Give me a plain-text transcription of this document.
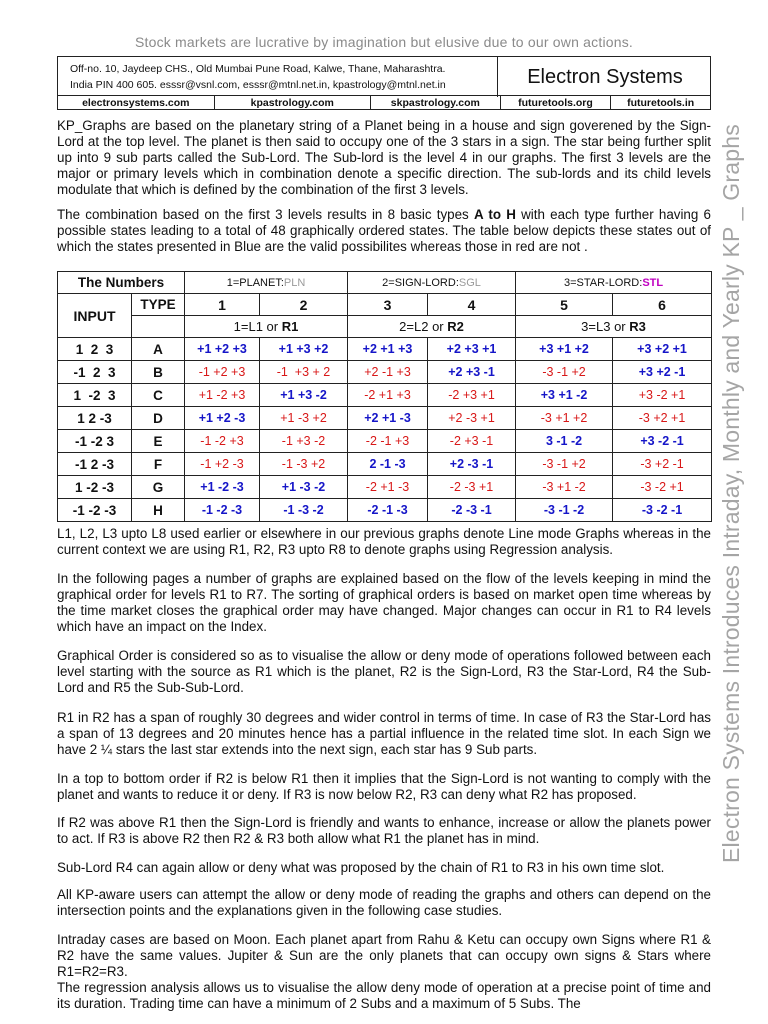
Stock markets are lucrative by imagination but elusive due to our own actions.
Off-no. 10, Jaydeep CHS., Old Mumbai Pune Road, Kalwe, Thane, Maharashtra.
India PIN 400 605. esssr@vsnl.com, esssr@mtnl.net.in, kpastrology@mtnl.net.in	Electron Systems
electronsystems.com	kpastrology.com	skpastrology.com	futuretools.org	futuretools.in
KP_Graphs are based on the planetary string of a Planet being in a house and sign goverened by the Sign-Lord at the top level. The planet is then said to occupy one of the 3 stars in a sign. The star being further split up into 9 sub parts called the Sub-Lord. The Sub-lord is the level 4 in our graphs. The first 3 levels are the major or primary levels which in combination denote a specific direction. The sub-lords and its child levels modulate that which is defined by the combination of the first 3 levels.
The combination based on the first 3 levels results in 8 basic types A to H with each type further having 6 possible states leading to a total of 48 graphically ordered states. The table below depicts these states out of which the states presented in Blue are the valid possibilites whereas those in red are not .
The Numbers		1=PLANET:PLN		2=SIGN-LORD:SGL		3=STAR-LORD:STL	
INPUT	TYPE	1	2	3	4	5	6
		1=L1 or R1		2=L2 or R2		3=L3 or R3	
1  2  3	A	+1 +2 +3	+1 +3 +2	+2 +1 +3	+2 +3 +1	+3 +1 +2	+3 +2 +1
-1  2  3	B	-1 +2 +3	-1  +3 + 2	+2 -1 +3	+2 +3 -1	-3 -1 +2	+3 +2 -1
1  -2  3	C	+1 -2 +3	+1 +3 -2	-2 +1 +3	-2 +3 +1	+3 +1 -2	+3 -2 +1
1 2 -3	D	+1 +2 -3	+1 -3 +2	+2 +1 -3	+2 -3 +1	-3 +1 +2	-3 +2 +1
-1 -2 3	E	-1 -2 +3	-1 +3 -2	-2 -1 +3	-2 +3 -1	3 -1 -2	+3 -2 -1
-1 2 -3	F	-1 +2 -3	-1 -3 +2	2 -1 -3	+2 -3 -1	-3 -1 +2	-3 +2 -1
1 -2 -3	G	+1 -2 -3	+1 -3 -2	-2 +1 -3	-2 -3 +1	-3 +1 -2	-3 -2 +1
-1 -2 -3	H	-1 -2 -3	-1 -3 -2	-2 -1 -3	-2 -3 -1	-3 -1 -2	-3 -2 -1
L1, L2, L3 upto L8 used earlier or elsewhere in our previous graphs denote Line mode Graphs whereas in the current context we are using R1, R2, R3 upto R8 to denote graphs using Regression analysis.
In the following pages a number of graphs are explained based on the flow of the levels keeping in mind the graphical order for levels R1 to R7. The sorting of graphical orders is based on market open time whereas by the time market closes the graphical order may have changed. Major changes can occur in R1 to R4 levels which have an impact on the Index.
Graphical Order is considered so as to visualise the allow or deny mode of operations followed between each level starting with the source as R1 which is the planet, R2 is the Sign-Lord, R3 the Star-Lord, R4 the Sub-Lord and R5 the Sub-Sub-Lord.
R1 in R2 has a span of roughly 30 degrees and wider control in terms of time. In case of R3 the Star-Lord has a span of 13 degrees and 20 minutes hence has a partial influence in the related time slot. In each Sign we have 2 ¼ stars the last star extends into the next sign, each star has 9 Sub parts.
In a top to bottom order if R2 is below R1 then it implies that the Sign-Lord is not wanting to comply with the planet and wants to reduce it or deny. If R3 is now below R2, R3 can deny what R2 has proposed.
If R2 was above R1 then the Sign-Lord is friendly and wants to enhance, increase or allow the planets power to act. If R3 is above R2 then R2 & R3 both allow what R1 the planet has in mind.
Sub-Lord R4 can again allow or deny what was proposed by the chain of R1 to R3 in his own time slot.
All KP-aware users can attempt the allow or deny mode of reading the graphs and others can depend on the intersection points and the explanations given in the following case studies.
Intraday cases are based on Moon. Each planet apart from Rahu & Ketu can occupy own Signs where R1 & R2 have the same values. Jupiter & Sun are the only planets that can occupy own signs & Stars where R1=R2=R3.
The regression analysis allows us to visualise the allow deny mode of operation at a precise point of time and its duration. Trading time can have a minimum of 2 Subs and a maximum of 5 Subs. The
Electron Systems Introduces Intraday, Monthly and Yearly KP _ Graphs
